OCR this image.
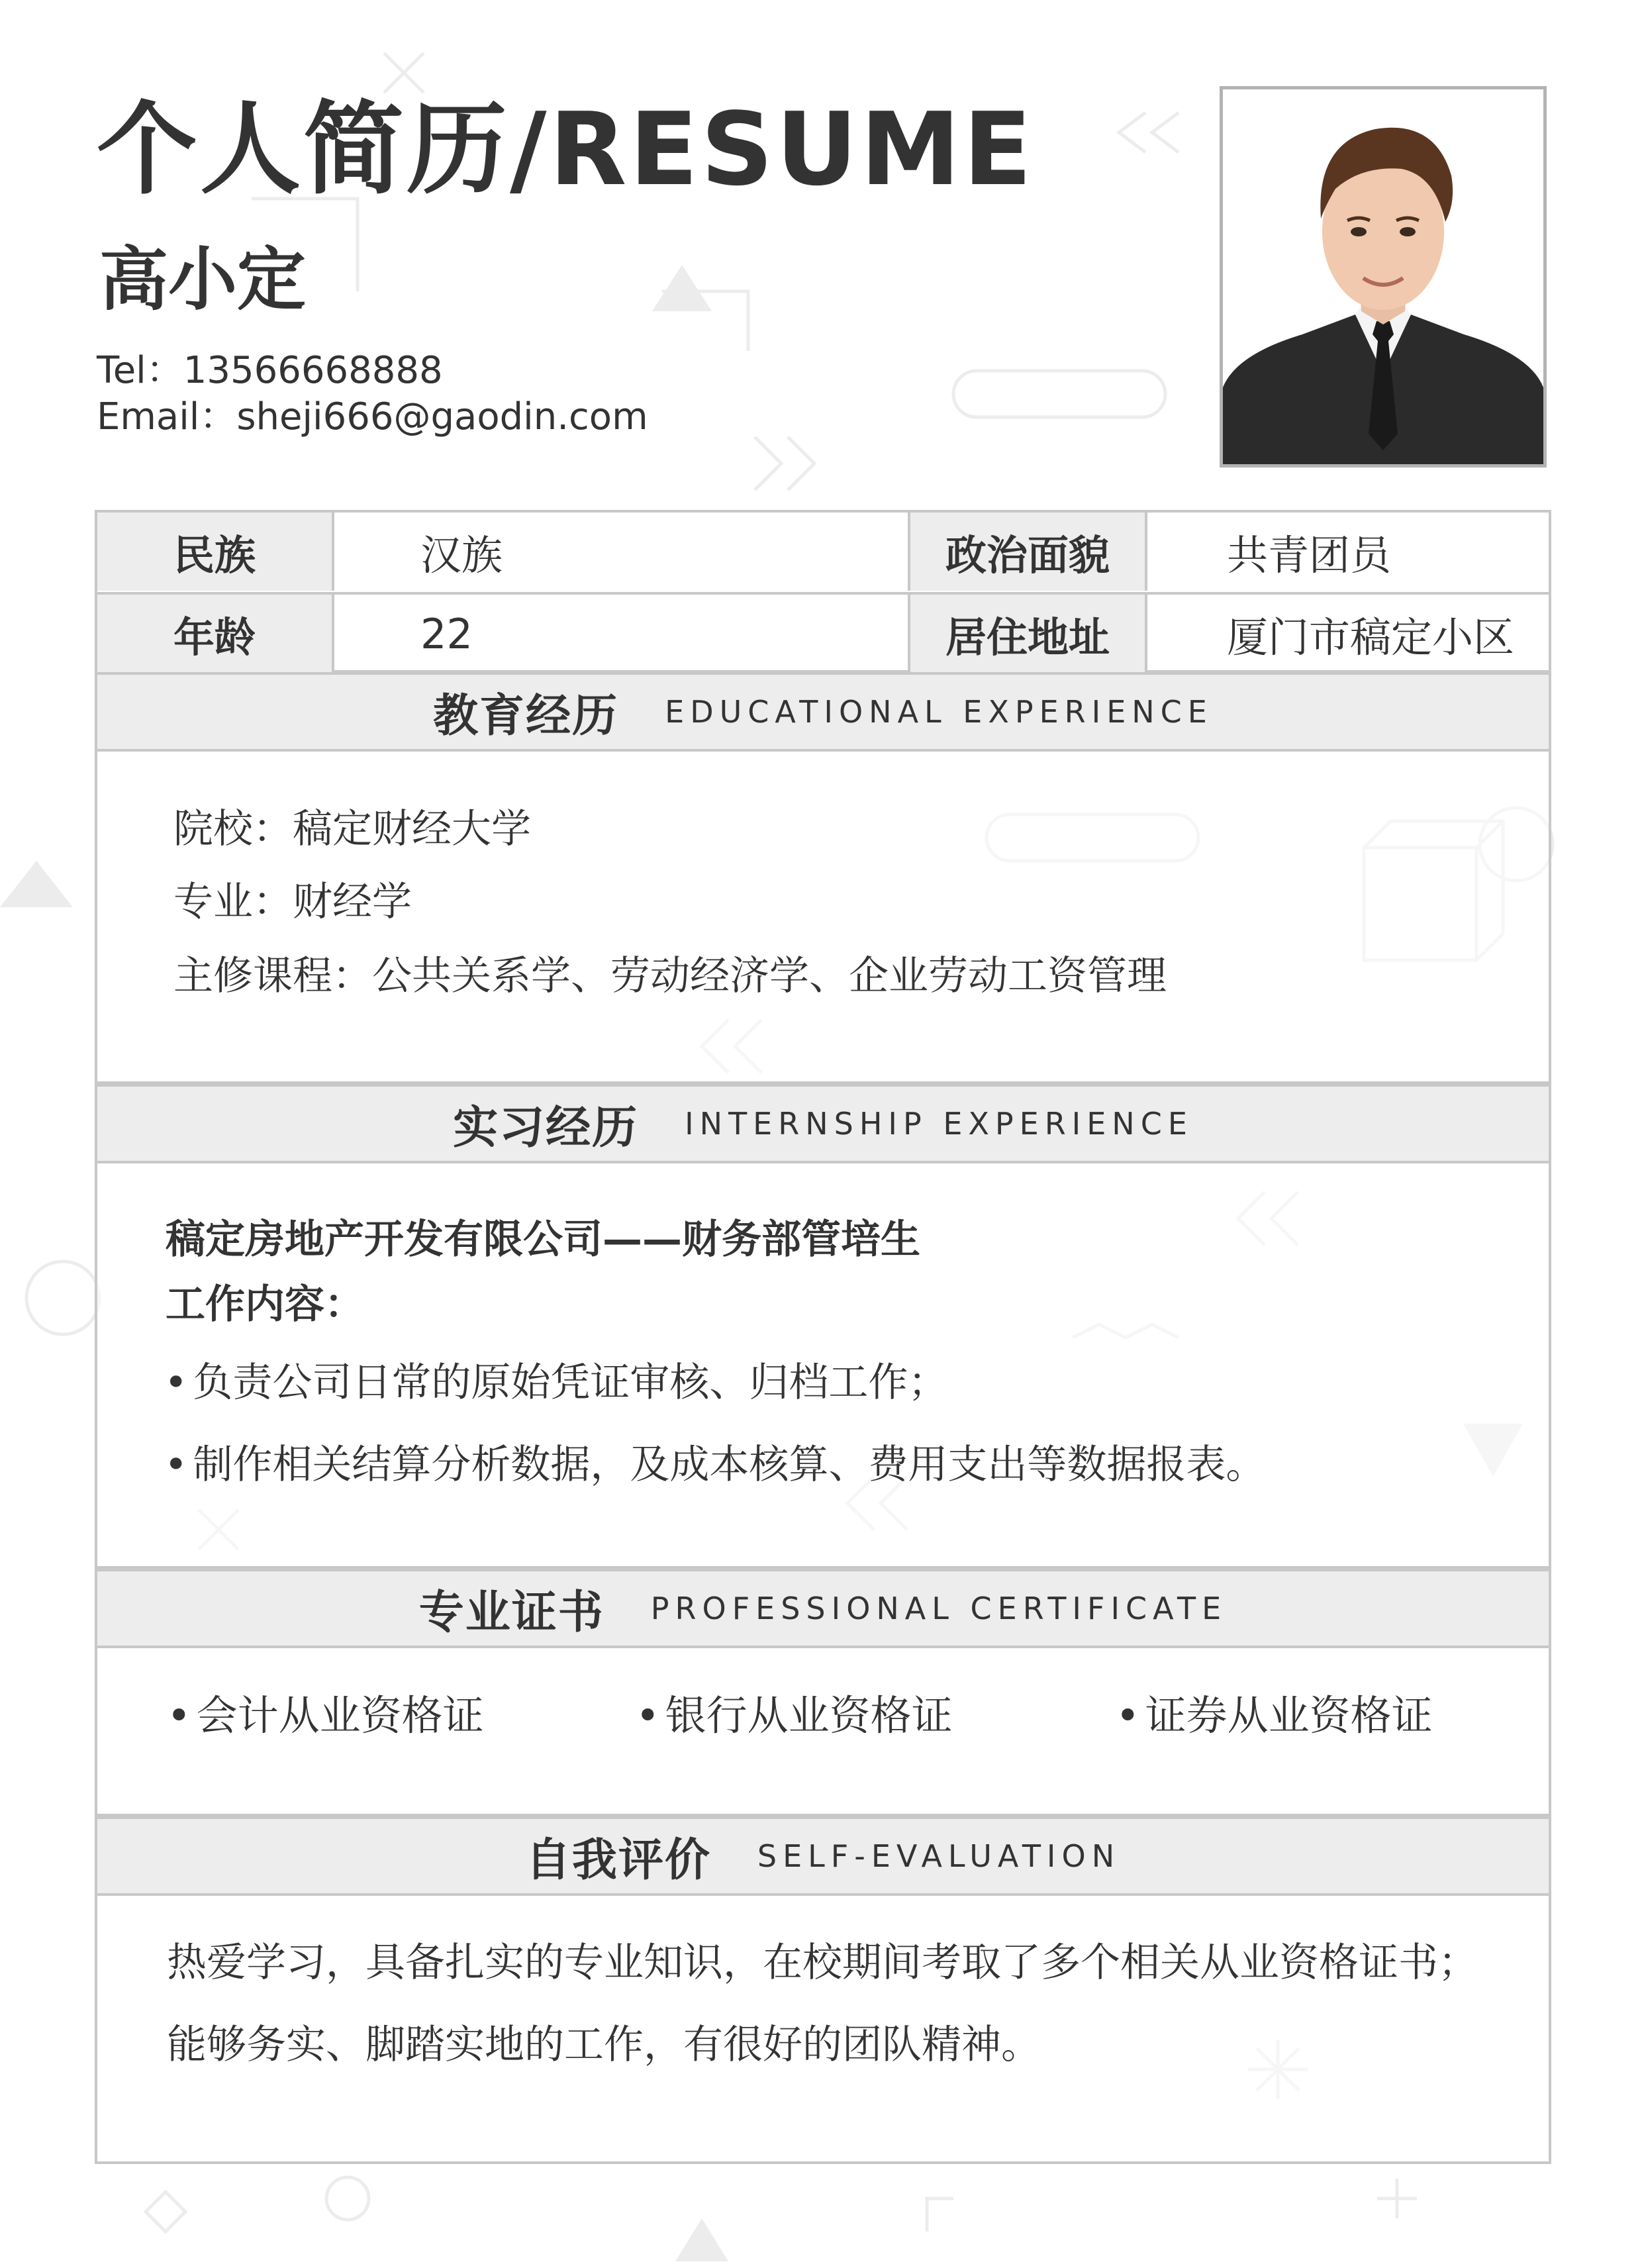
个人简历/RESUME
高小定
Tel：13566668888
Email：sheji666@gaodin.com
民族	汉族	政治面貌	共青团员
年龄	22	居住地址	厦门市稿定小区
教育经历 EDUCATIONAL EXPERIENCE
院校：稿定财经大学
专业：财经学
主修课程：公共关系学、劳动经济学、企业劳动工资管理
实习经历 INTERNSHIP EXPERIENCE
稿定房地产开发有限公司——财务部管培生
工作内容：
• 负责公司日常的原始凭证审核、归档工作；
• 制作相关结算分析数据，及成本核算、费用支出等数据报表。
专业证书 PROFESSIONAL CERTIFICATE
• 会计从业资格证	• 银行从业资格证	• 证券从业资格证
自我评价 SELF-EVALUATION
热爱学习，具备扎实的专业知识，在校期间考取了多个相关从业资格证书；
能够务实、脚踏实地的工作，有很好的团队精神。
